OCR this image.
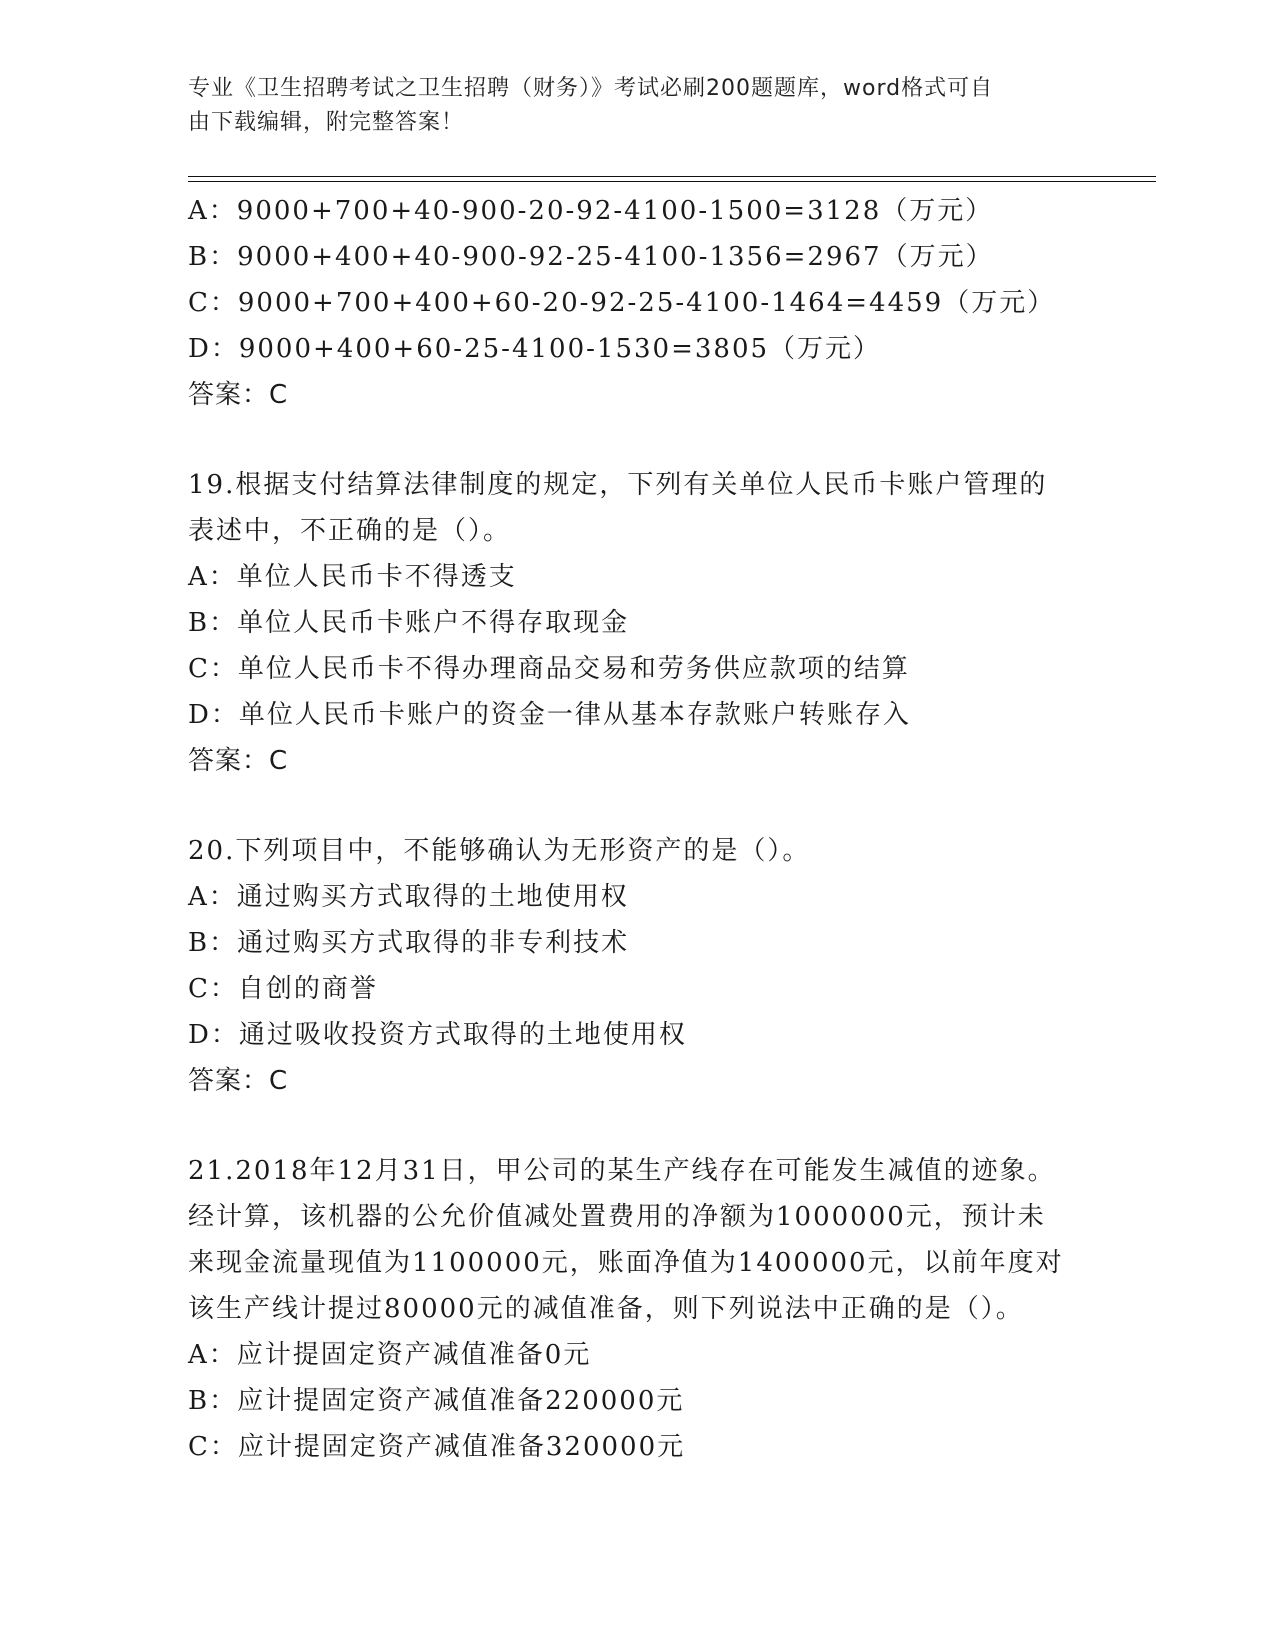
专业《卫生招聘考试之卫生招聘（财务）》考试必刷200题题库，word格式可自
由下载编辑，附完整答案！
A：9000+700+40-900-20-92-4100-1500=3128（万元）
B：9000+400+40-900-92-25-4100-1356=2967（万元）
C：9000+700+400+60-20-92-25-4100-1464=4459（万元）
D：9000+400+60-25-4100-1530=3805（万元）
答案：C
19.根据支付结算法律制度的规定，下列有关单位人民币卡账户管理的
表述中，不正确的是（）。
A：单位人民币卡不得透支
B：单位人民币卡账户不得存取现金
C：单位人民币卡不得办理商品交易和劳务供应款项的结算
D：单位人民币卡账户的资金一律从基本存款账户转账存入
答案：C
20.下列项目中，不能够确认为无形资产的是（）。
A：通过购买方式取得的土地使用权
B：通过购买方式取得的非专利技术
C：自创的商誉
D：通过吸收投资方式取得的土地使用权
答案：C
21.2018年12月31日，甲公司的某生产线存在可能发生减值的迹象。
经计算，该机器的公允价值减处置费用的净额为1000000元，预计未
来现金流量现值为1100000元，账面净值为1400000元，以前年度对
该生产线计提过80000元的减值准备，则下列说法中正确的是（）。
A：应计提固定资产减值准备0元
B：应计提固定资产减值准备220000元
C：应计提固定资产减值准备320000元
